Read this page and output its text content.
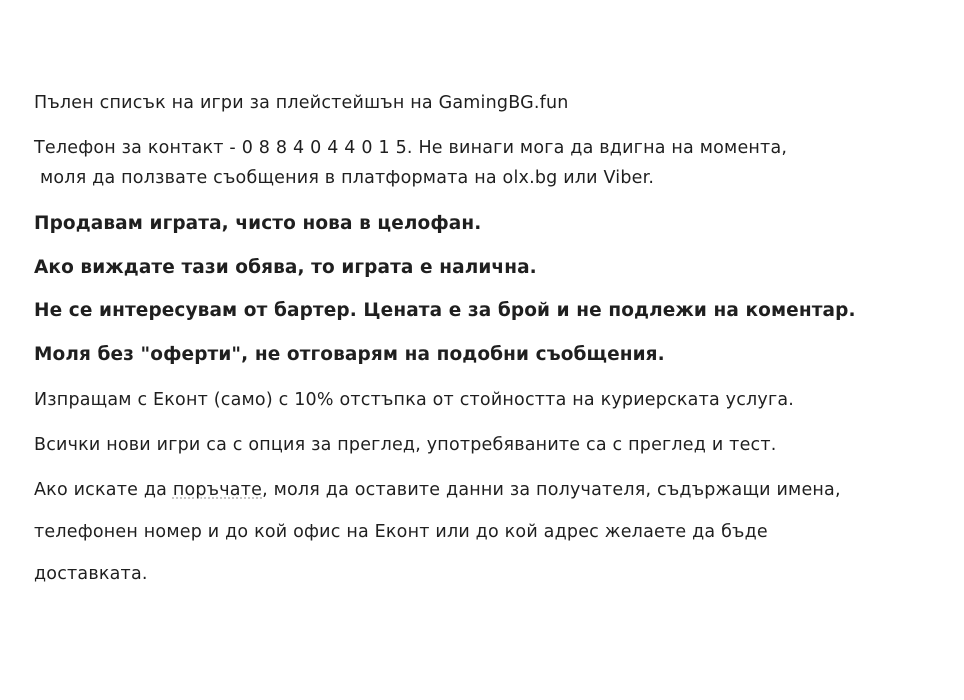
Пълен списък на игри за плейстейшън на GamingBG.fun
Телефон за контакт - 0 8 8 4 0 4 4 0 1 5. Не винаги мога да вдигна на момента,
моля да ползвате съобщения в платформата на olx.bg или Viber.
Продавам играта, чисто нова в целофан.
Ако виждате тази обява, то играта е налична.
Не се интересувам от бартер. Цената е за брой и не подлежи на коментар.
Моля без "оферти", не отговарям на подобни съобщения.
Изпращам с Еконт (само) с 10% отстъпка от стойността на куриерската услуга.
Всички нови игри са с опция за преглед, употребяваните са с преглед и тест.
Ако искате да поръчате, моля да оставите данни за получателя, съдържащи имена,
телефонен номер и до кой офис на Еконт или до кой адрес желаете да бъде
доставката.
